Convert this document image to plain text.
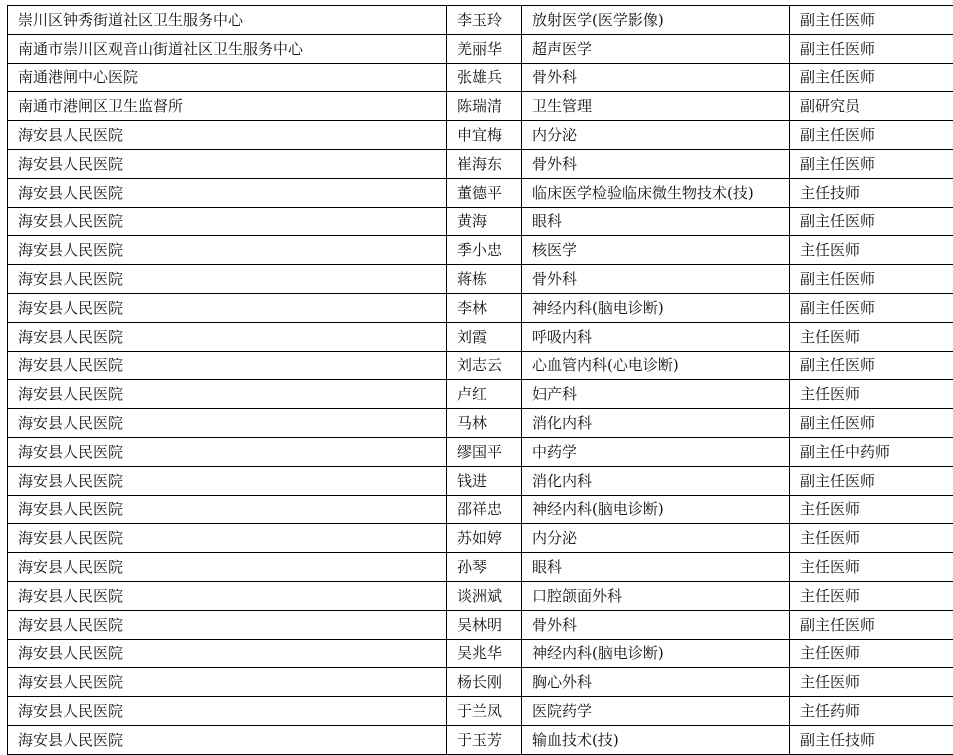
崇川区钟秀街道社区卫生服务中心	李玉玲	放射医学(医学影像)	副主任医师
南通市崇川区观音山街道社区卫生服务中心	羌丽华	超声医学	副主任医师
南通港闸中心医院	张雄兵	骨外科	副主任医师
南通市港闸区卫生监督所	陈瑞清	卫生管理	副研究员
海安县人民医院	申宜梅	内分泌	副主任医师
海安县人民医院	崔海东	骨外科	副主任医师
海安县人民医院	董德平	临床医学检验临床微生物技术(技)	主任技师
海安县人民医院	黄海	眼科	副主任医师
海安县人民医院	季小忠	核医学	主任医师
海安县人民医院	蒋栋	骨外科	副主任医师
海安县人民医院	李林	神经内科(脑电诊断)	副主任医师
海安县人民医院	刘霞	呼吸内科	主任医师
海安县人民医院	刘志云	心血管内科(心电诊断)	副主任医师
海安县人民医院	卢红	妇产科	主任医师
海安县人民医院	马林	消化内科	副主任医师
海安县人民医院	缪国平	中药学	副主任中药师
海安县人民医院	钱进	消化内科	副主任医师
海安县人民医院	邵祥忠	神经内科(脑电诊断)	主任医师
海安县人民医院	苏如婷	内分泌	主任医师
海安县人民医院	孙琴	眼科	主任医师
海安县人民医院	谈洲斌	口腔颌面外科	主任医师
海安县人民医院	吴林明	骨外科	副主任医师
海安县人民医院	吴兆华	神经内科(脑电诊断)	主任医师
海安县人民医院	杨长刚	胸心外科	主任医师
海安县人民医院	于兰凤	医院药学	主任药师
海安县人民医院	于玉芳	输血技术(技)	副主任技师
